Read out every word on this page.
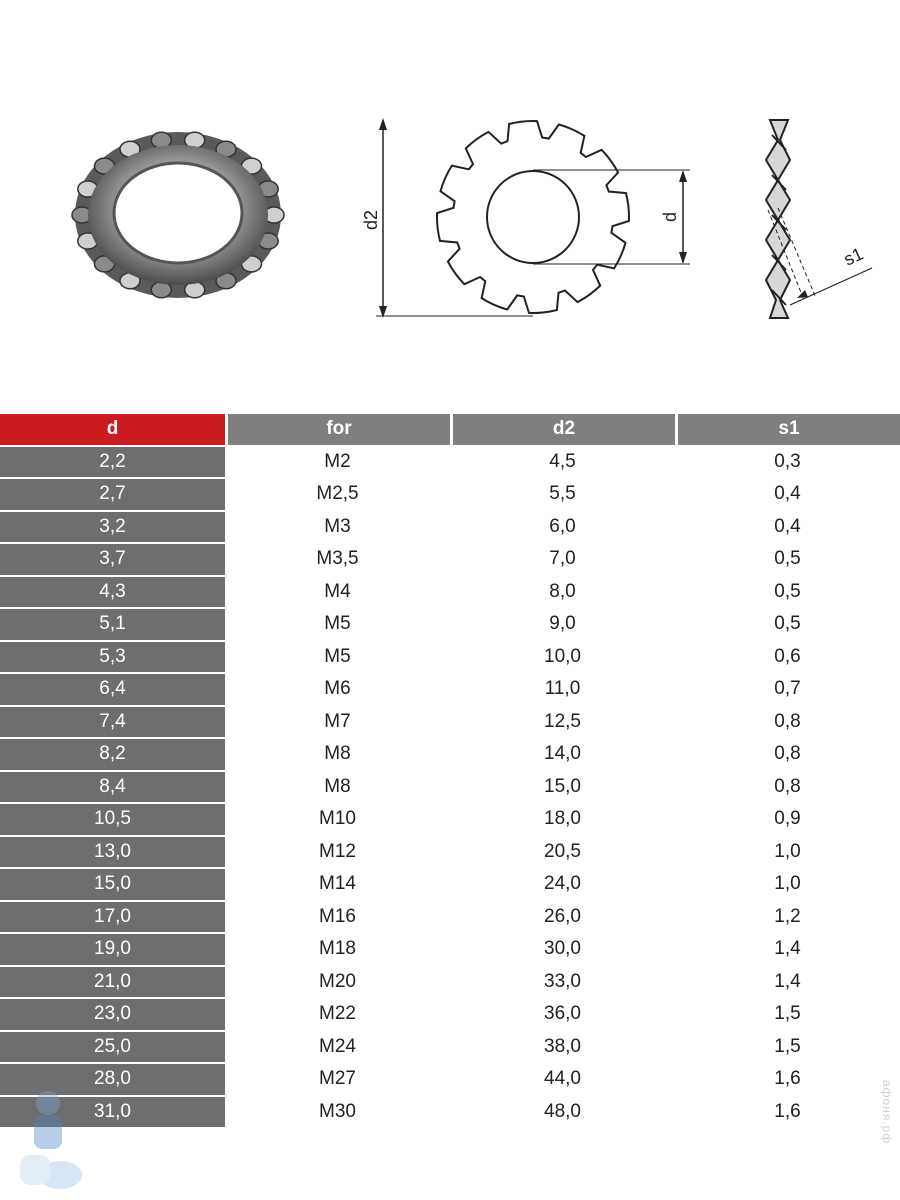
d2	d
s1
d	for	d2	s1
2,2	M2	4,5	0,3
2,7	M2,5	5,5	0,4
3,2	M3	6,0	0,4
3,7	M3,5	7,0	0,5
4,3	M4	8,0	0,5
5,1	M5	9,0	0,5
5,3	M5	10,0	0,6
6,4	M6	11,0	0,7
7,4	M7	12,5	0,8
8,2	M8	14,0	0,8
8,4	M8	15,0	0,8
10,5	M10	18,0	0,9
13,0	M12	20,5	1,0
15,0	M14	24,0	1,0
17,0	M16	26,0	1,2
19,0	M18	30,0	1,4
21,0	M20	33,0	1,4
23,0	M22	36,0	1,5
25,0	M24	38,0	1,5
28,0	M27	44,0	1,6
31,0	M30	48,0	1,6	афоня.рф
